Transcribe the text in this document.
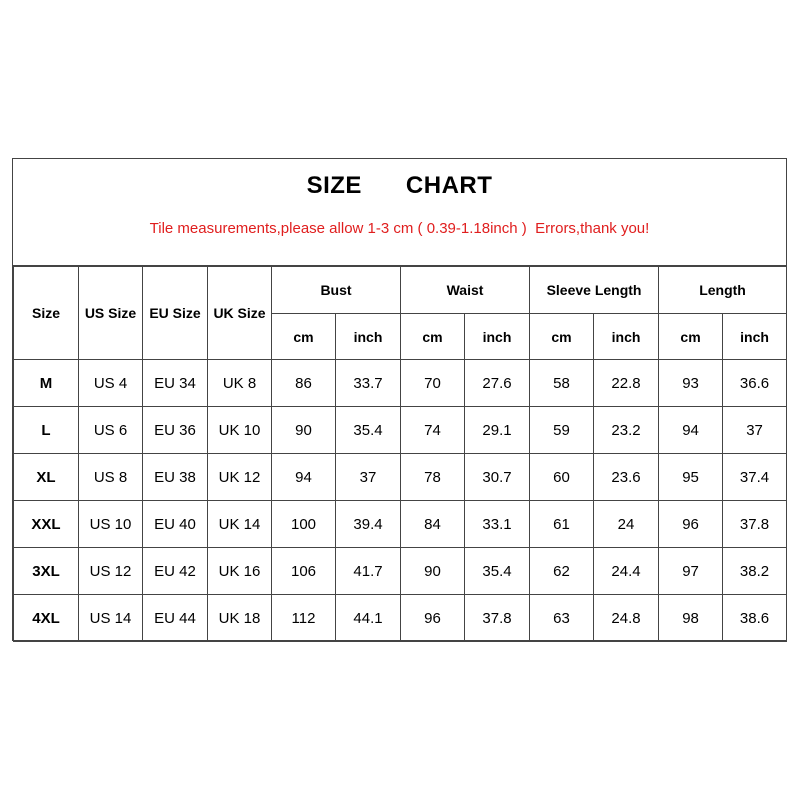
SIZE CHART
Tile measurements,please allow 1-3 cm ( 0.39-1.18inch )  Errors,thank you!
Size	US Size	EU Size	UK Size	Bust		Waist		Sleeve Length		Length	
				cm	inch	cm	inch	cm	inch	cm	inch
M	US 4	EU 34	UK 8	86	33.7	70	27.6	58	22.8	93	36.6
L	US 6	EU 36	UK 10	90	35.4	74	29.1	59	23.2	94	37
XL	US 8	EU 38	UK 12	94	37	78	30.7	60	23.6	95	37.4
XXL	US 10	EU 40	UK 14	100	39.4	84	33.1	61	24	96	37.8
3XL	US 12	EU 42	UK 16	106	41.7	90	35.4	62	24.4	97	38.2
4XL	US 14	EU 44	UK 18	112	44.1	96	37.8	63	24.8	98	38.6
